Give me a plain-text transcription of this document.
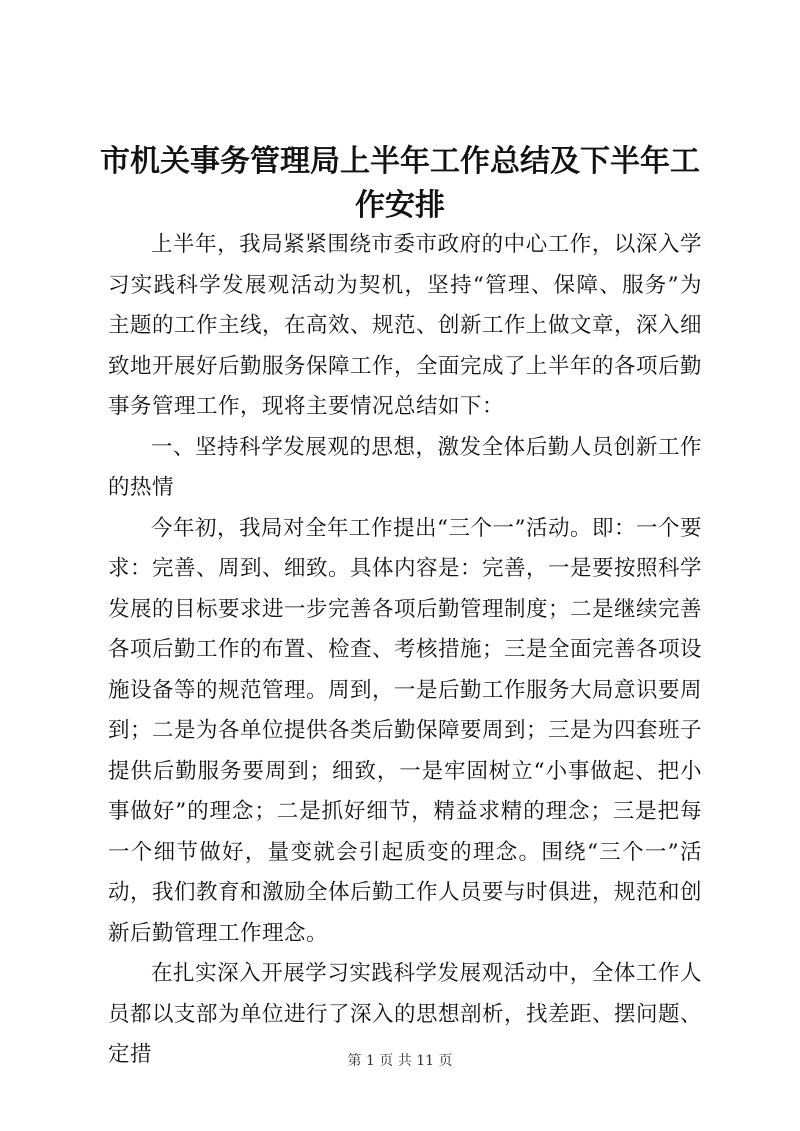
市机关事务管理局上半年工作总结及下半年工作安排

上半年，我局紧紧围绕市委市政府的中心工作，以深入学习实践科学发展观活动为契机，坚持“管理、保障、服务”为主题的工作主线，在高效、规范、创新工作上做文章，深入细致地开展好后勤服务保障工作，全面完成了上半年的各项后勤事务管理工作，现将主要情况总结如下：

一、坚持科学发展观的思想，激发全体后勤人员创新工作的热情

今年初，我局对全年工作提出“三个一”活动。即：一个要求：完善、周到、细致。具体内容是：完善，一是要按照科学发展的目标要求进一步完善各项后勤管理制度；二是继续完善各项后勤工作的布置、检查、考核措施；三是全面完善各项设施设备等的规范管理。周到，一是后勤工作服务大局意识要周到；二是为各单位提供各类后勤保障要周到；三是为四套班子提供后勤服务要周到；细致，一是牢固树立“小事做起、把小事做好”的理念；二是抓好细节，精益求精的理念；三是把每一个细节做好，量变就会引起质变的理念。围绕“三个一”活动，我们教育和激励全体后勤工作人员要与时俱进，规范和创新后勤管理工作理念。

在扎实深入开展学习实践科学发展观活动中，全体工作人员都以支部为单位进行了深入的思想剖析，找差距、摆问题、定措	第 1 页 共 11 页
